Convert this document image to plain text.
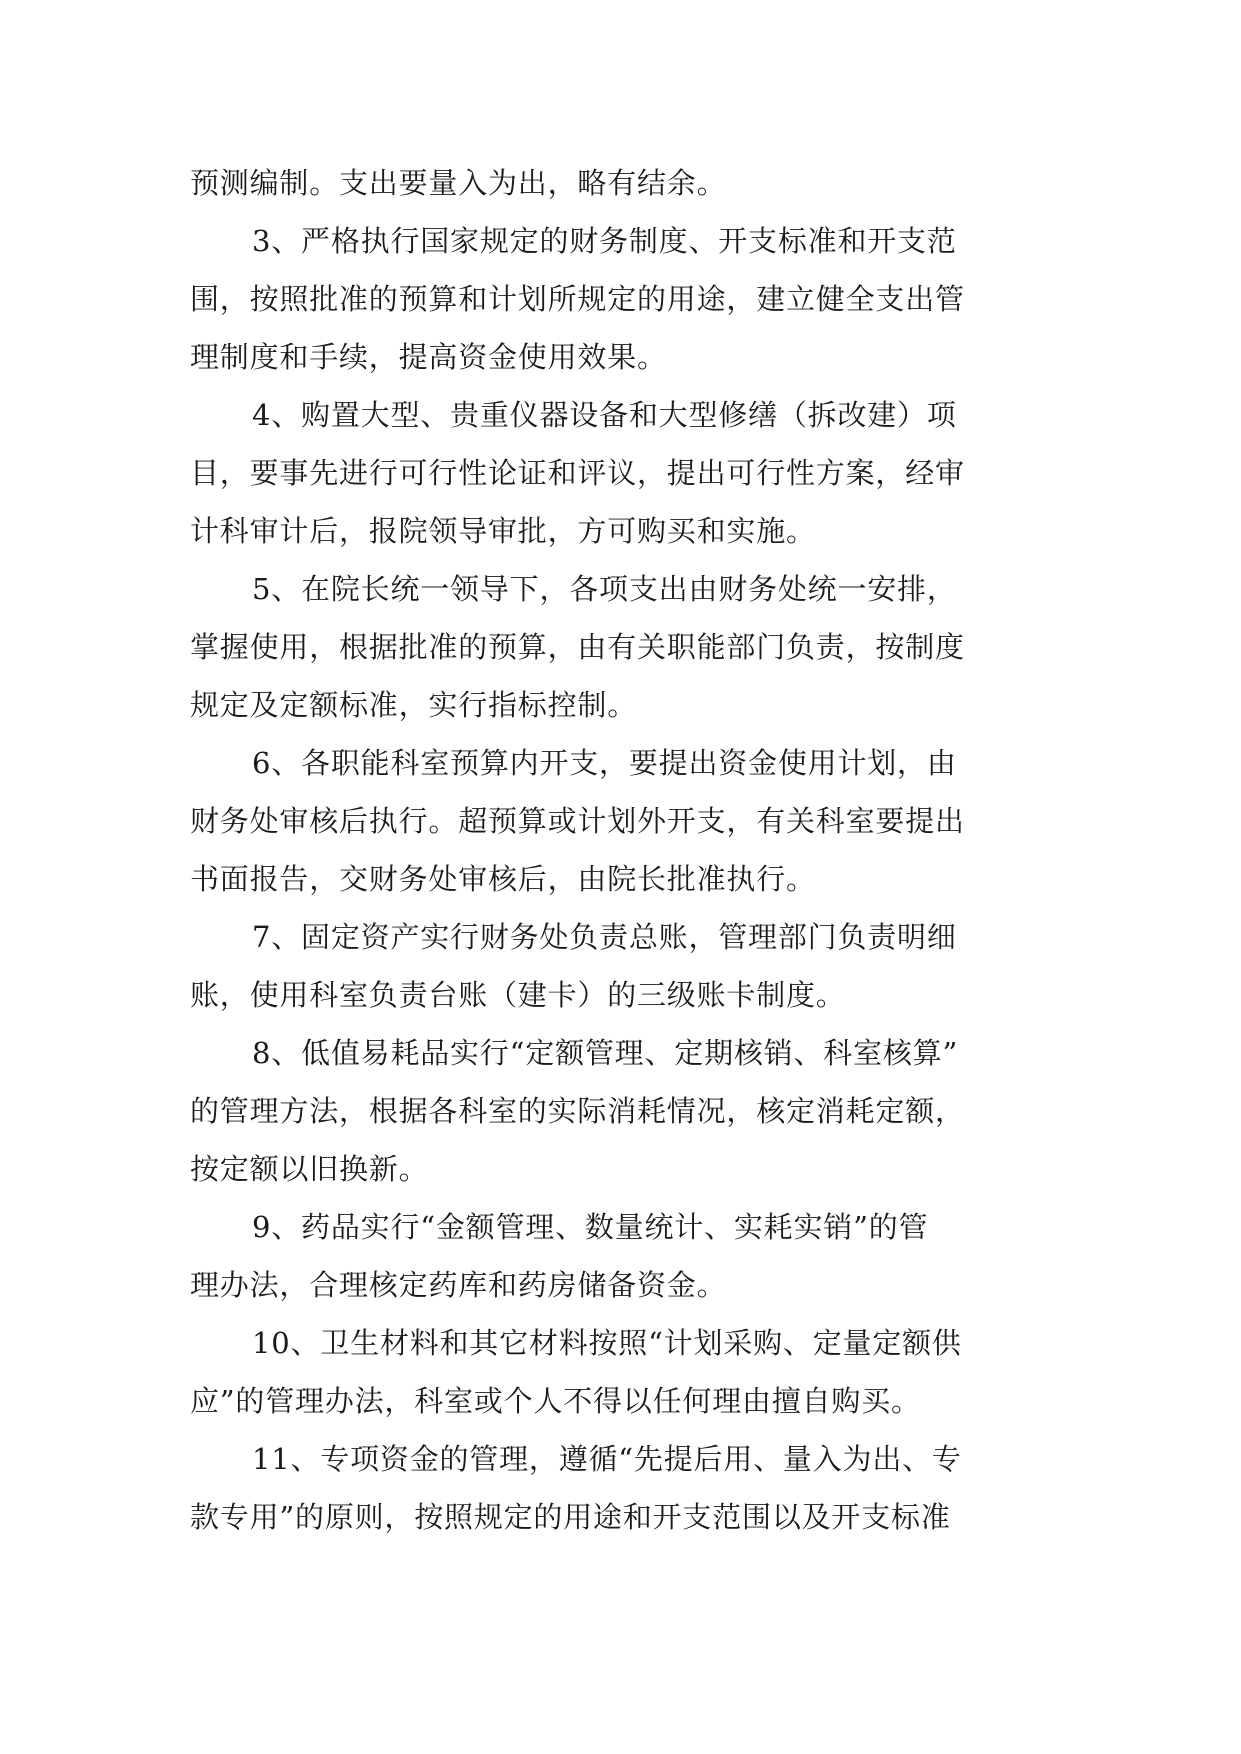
预测编制。支出要量入为出，略有结余。

3、严格执行国家规定的财务制度、开支标准和开支范
围，按照批准的预算和计划所规定的用途，建立健全支出管
理制度和手续，提高资金使用效果。

4、购置大型、贵重仪器设备和大型修缮（拆改建）项
目，要事先进行可行性论证和评议，提出可行性方案，经审
计科审计后，报院领导审批，方可购买和实施。

5、在院长统一领导下，各项支出由财务处统一安排，
掌握使用，根据批准的预算，由有关职能部门负责，按制度
规定及定额标准，实行指标控制。

6、各职能科室预算内开支，要提出资金使用计划，由
财务处审核后执行。超预算或计划外开支，有关科室要提出
书面报告，交财务处审核后，由院长批准执行。

7、固定资产实行财务处负责总账，管理部门负责明细
账，使用科室负责台账（建卡）的三级账卡制度。

8、低值易耗品实行“定额管理、定期核销、科室核算”
的管理方法，根据各科室的实际消耗情况，核定消耗定额，
按定额以旧换新。

9、药品实行“金额管理、数量统计、实耗实销”的管
理办法，合理核定药库和药房储备资金。

10、卫生材料和其它材料按照“计划采购、定量定额供
应”的管理办法，科室或个人不得以任何理由擅自购买。

11、专项资金的管理，遵循“先提后用、量入为出、专
款专用”的原则，按照规定的用途和开支范围以及开支标准
